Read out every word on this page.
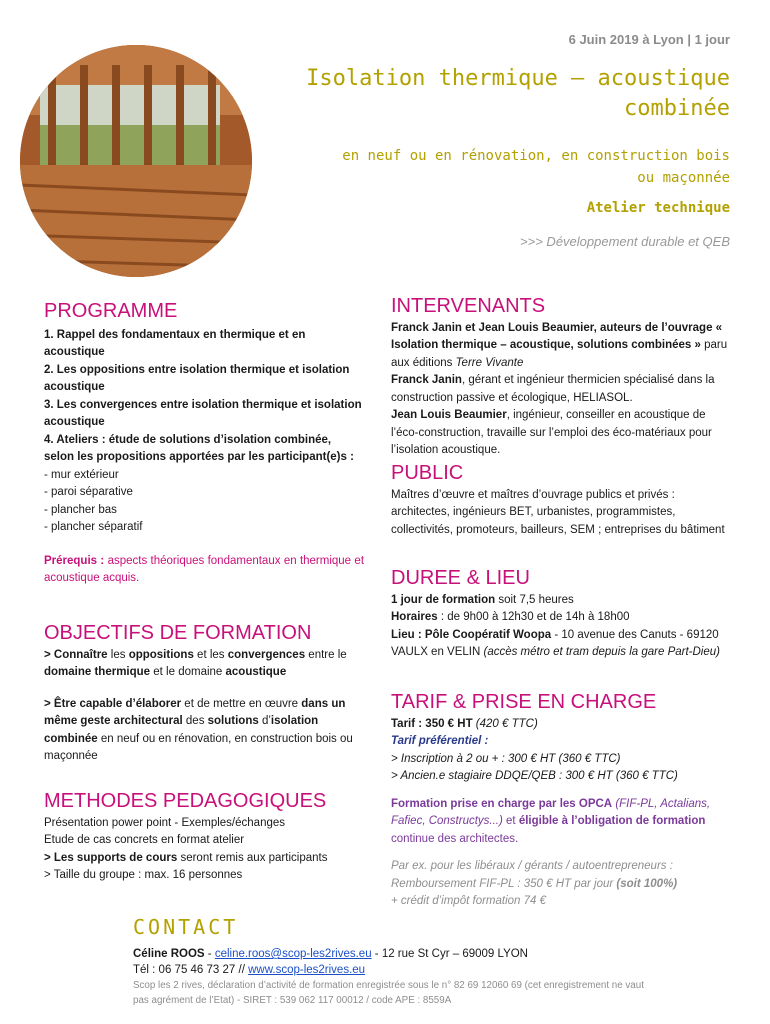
6 Juin 2019 à Lyon | 1 jour
Isolation thermique – acoustique
combinée
en neuf ou en rénovation, en construction bois
ou maçonnée
Atelier technique
>>> Développement durable et QEB
PROGRAMME

1. Rappel des fondamentaux en thermique et en acoustique

2. Les oppositions entre isolation thermique et isolation acoustique

3. Les convergences entre isolation thermique et isolation acoustique

4. Ateliers : étude de solutions d’isolation combinée, selon les propositions apportées par les participant(e)s :

- mur extérieur

- paroi séparative

- plancher bas

- plancher séparatif

Prérequis : aspects théoriques fondamentaux en thermique et acoustique acquis.

OBJECTIFS DE FORMATION

> Connaître les oppositions et les convergences entre le domaine thermique et le domaine acoustique

> Être capable d’élaborer et de mettre en œuvre dans un même geste architectural des solutions d’isolation combinée en neuf ou en rénovation, en construction bois ou maçonnée

METHODES PEDAGOGIQUES

Présentation power point - Exemples/échanges

Etude de cas concrets en format atelier

> Les supports de cours seront remis aux participants

> Taille du groupe : max. 16 personnes

INTERVENANTS

Franck Janin et Jean Louis Beaumier, auteurs de l’ouvrage « Isolation thermique – acoustique, solutions combinées » paru aux éditions Terre Vivante

Franck Janin, gérant et ingénieur thermicien spécialisé dans la construction passive et écologique, HELIASOL.

Jean Louis Beaumier, ingénieur, conseiller en acoustique de l’éco-construction, travaille sur l’emploi des éco-matériaux pour l’isolation acoustique.

PUBLIC

Maîtres d’œuvre et maîtres d’ouvrage publics et privés : architectes, ingénieurs BET, urbanistes, programmistes, collectivités, promoteurs, bailleurs, SEM ; entreprises du bâtiment

DUREE & LIEU

1 jour de formation soit 7,5 heures

Horaires : de 9h00 à 12h30 et de 14h à 18h00

Lieu : Pôle Coopératif Woopa - 10 avenue des Canuts - 69120 VAULX en VELIN (accès métro et tram depuis la gare Part-Dieu)

TARIF & PRISE EN CHARGE

Tarif : 350 € HT (420 € TTC)

Tarif préférentiel :

> Inscription à 2 ou + : 300 € HT (360 € TTC)

> Ancien.e stagiaire DDQE/QEB : 300 € HT (360 € TTC)

Formation prise en charge par les OPCA (FIF-PL, Actalians, Fafiec, Constructys...) et éligible à l’obligation de formation continue des architectes.

Par ex. pour les libéraux / gérants / autoentrepreneurs :

Remboursement FIF-PL : 350 € HT par jour (soit 100%)

+ crédit d’impôt formation 74 €

CONTACT
Céline ROOS - celine.roos@scop-les2rives.eu - 12 rue St Cyr – 69009 LYON
Tél : 06 75 46 73 27 // www.scop-les2rives.eu
Scop les 2 rives, déclaration d’activité de formation enregistrée sous le n° 82 69 12060 69 (cet enregistrement ne vaut pas agrément de l’Etat) - SIRET : 539 062 117 00012 / code APE : 8559A
